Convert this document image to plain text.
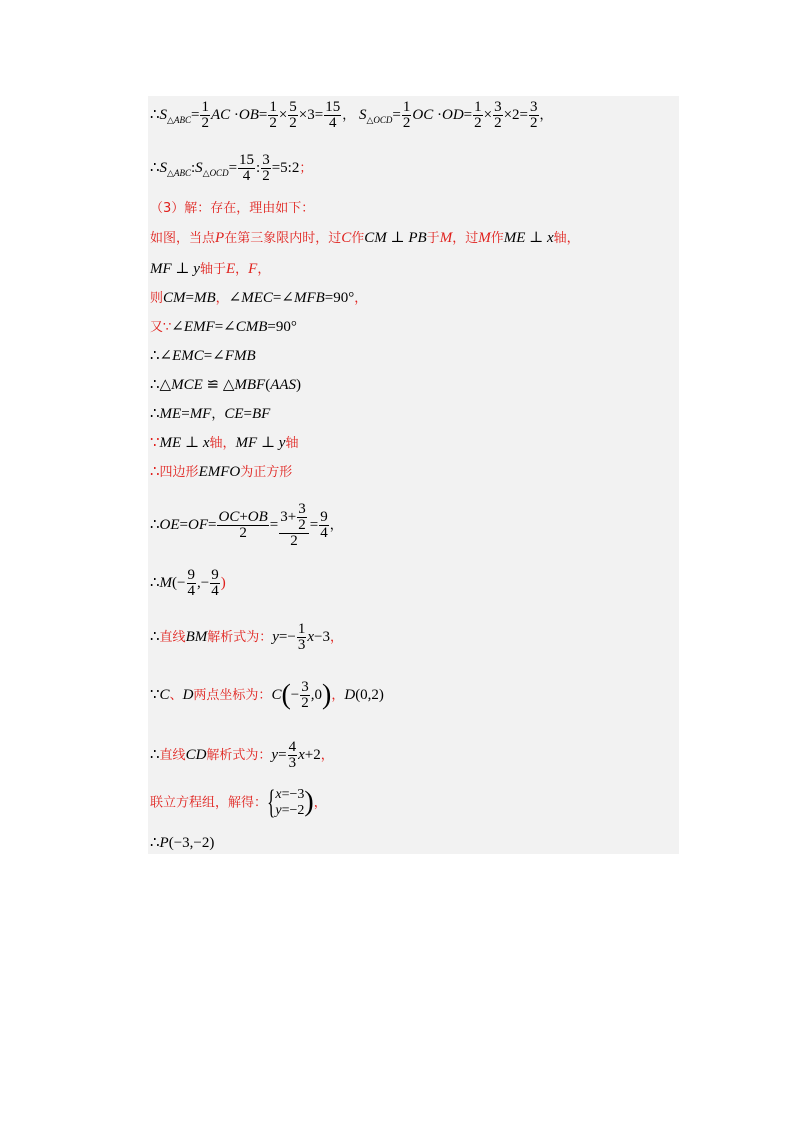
$\therefore S_{\triangle ABC}= \frac{1}{2}$ AC $\cdot OB= \frac{1}{2} \times \frac{5}{2} \times 3= \frac{15}{4}$ ， $S_{\triangle OCD}= \frac{1}{2}$ OC $\cdot OD= \frac{1}{2} \times \frac{3}{2} \times 2= \frac{3}{2}$ ，
$\therefore S_{\triangle ABC}:S_{\triangle OCD}= \frac{15}{4}$ : $\frac{3}{2}$ =5:2；
（3）解：存在，理由如下：
如图，当点P在第三象限内时，过C作CM ⊥ PB于M，过M作ME ⊥ x轴，
MF ⊥ y轴于E，F，
则CM=MB，∠MEC=∠MFB=90°，
又∵∠EMF=∠CMB=90°
∴∠EMC=∠FMB
∴△MCE ≌ △MBF(AAS)
∴ME=MF，CE=BF
∵ME ⊥ x轴，MF ⊥ y轴
∴四边形EMFO为正方形
∴OE=OF= $\frac{OC+OB}{2} = \frac{3+ \frac{3}{2}}{2} = \frac{9}{4}$ ，
∴M(− $\frac{9}{4}$ ,− $\frac{9}{4}$ )
∴直线BM解析式为：$y=- \frac{1}{3} x-3$，
∵C、D两点坐标为：$C(- \frac{3}{2} ,0)$，D(0,2)
∴直线CD解析式为：$y= \frac{4}{3} x+2$，
联立方程组，解得：{x=−3
y=−2)，
∴P(−3,−2)
